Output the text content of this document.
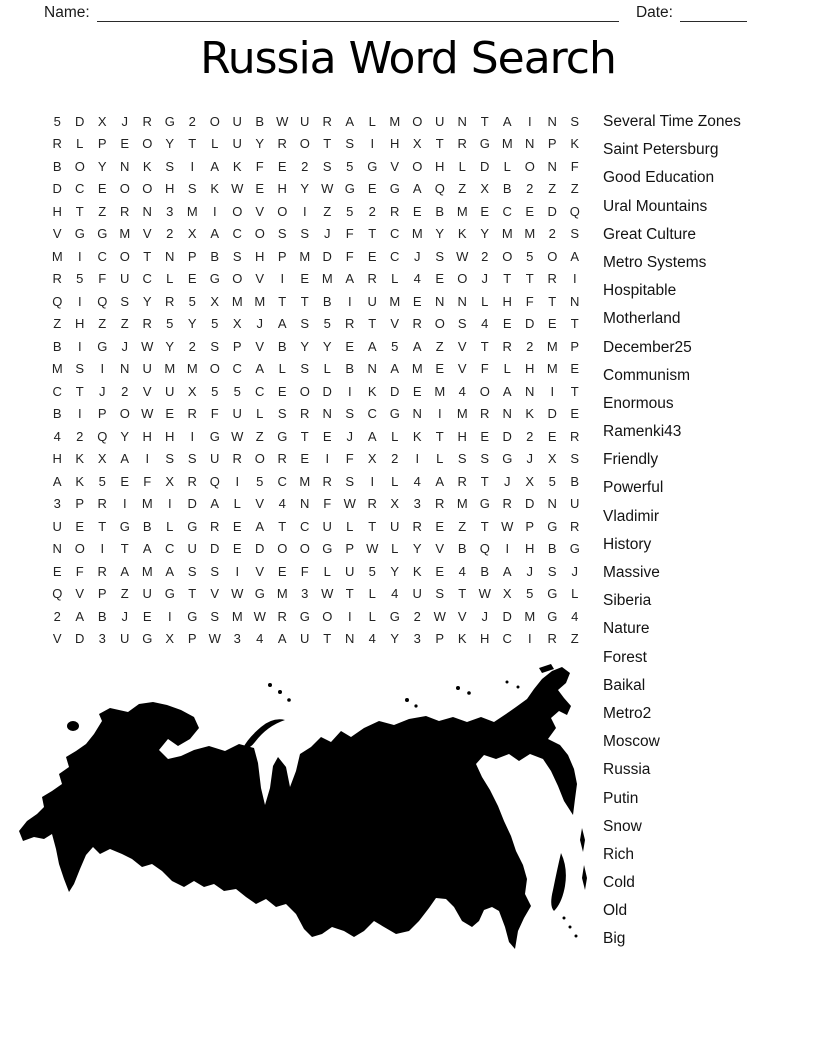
Name:	Date:
Russia Word Search
5	D	X	J	R G	2	O U	B W U	R	A	L	M O U	N	T	A	I	N	S
R	L	P	E	O	Y	T	L	U	Y	R O	T	S	I	H	X	T	R G M N	P	K
B	O	Y	N	K	S	I	A	K	F	E	2	S	5	G	V	O H	L	D	L	O N	F
D	C	E	O O H	S	K W E	H	Y W G	E	G	A	Q	Z	X	B	2	Z	Z
H	T	Z	R	N	3	M	I	O	V	O	I	Z	5	2	R	E	B M E	C	E	D Q
V	G G M V	2	X	A	C O	S	S	J	F	T	C M Y	K	Y M M	2	S
M	I	C O	T	N	P	B	S	H	P M D	F	E	C	J	S W 2	O	5	O	A
R	5	F	U	C	L	E	G O	V	I	E M A	R	L	4	E	O	J	T	T	R	I
Q	I	Q	S	Y	R	5	X M M	T	T	B	I	U M E	N	N	L	H	F	T	N
Z	H	Z	Z	R	5	Y	5	X	J	A	S	5	R	T	V	R O	S	4	E	D	E	T
B	I	G	J	W Y	2	S	P	V	B	Y	Y	E	A	5	A	Z	V	T	R	2	M P
M S	I	N	U M M O C	A	L	S	L	B	N	A M E	V	F	L	H M E
C	T	J	2	V	U	X	5	5	C	E	O D	I	K	D	E M	4	O	A	N	I	T
B	I	P	O W E	R	F	U	L	S	R	N	S	C G N	I	M R	N	K	D	E
4	2	Q	Y	H	H	I	G W Z	G	T	E	J	A	L	K	T	H	E	D	2	E	R
H	K	X	A	I	S	S	U	R O R	E	I	F	X	2	I	L	S	S	G	J	X	S
A	K	5	E	F	X	R Q	I	5	C M R	S	I	L	4	A	R	T	J	X	5	B
3	P	R	I	M	I	D	A	L	V	4	N	F W R	X	3	R M G R	D	N	U
U	E	T	G	B	L	G R	E	A	T	C	U	L	T	U	R	E	Z	T W P	G R
N O	I	T	A	C	U	D	E	D O O G	P W L	Y	V	B	Q	I	H	B	G
E	F	R	A M A	S	S	I	V	E	F	L	U	5	Y	K	E	4	B	A	J	S	J
Q	V	P	Z	U G	T	V W G M	3 W T	L	4	U	S	T W X	5	G	L
2	A	B	J	E	I	G	S M W R G O	I	L	G	2 W V	J	D M G	4
V	D	3	U G	X	P W 3	4	A	U	T	N	4	Y	3	P	K	H	C	I	R	Z
Several Time Zones
Saint Petersburg
Good Education
Ural Mountains
Great Culture
Metro Systems
Hospitable
Motherland
December25
Communism
Enormous
Ramenki43
Friendly
Powerful
Vladimir
History
Massive
Siberia
Nature
Forest
Baikal
Metro2
Moscow
Russia
Putin
Snow
Rich
Cold
Old
Big
